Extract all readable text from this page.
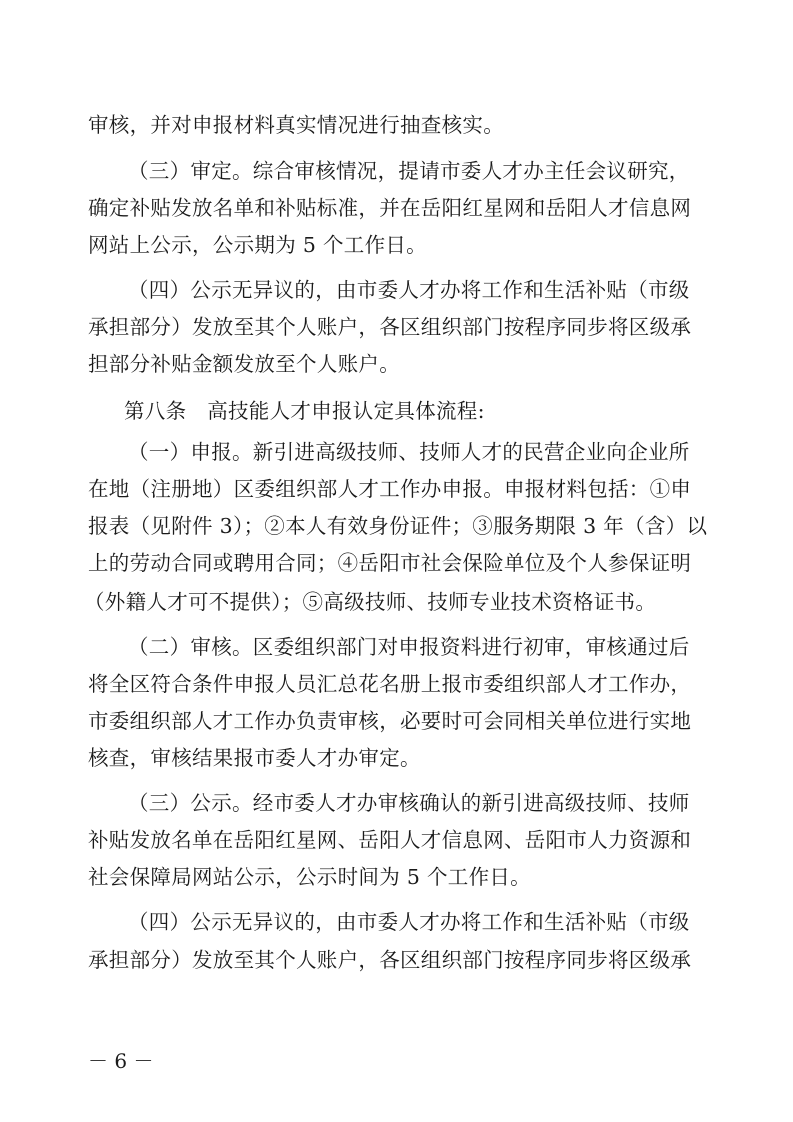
审核，并对申报材料真实情况进行抽查核实。
（三）审定。综合审核情况，提请市委人才办主任会议研究，
确定补贴发放名单和补贴标准，并在岳阳红星网和岳阳人才信息网
网站上公示，公示期为 5 个工作日。
（四）公示无异议的，由市委人才办将工作和生活补贴（市级
承担部分）发放至其个人账户，各区组织部门按程序同步将区级承
担部分补贴金额发放至个人账户。
第八条　高技能人才申报认定具体流程:
（一）申报。新引进高级技师、技师人才的民营企业向企业所
在地（注册地）区委组织部人才工作办申报。申报材料包括：①申
报表（见附件 3）；②本人有效身份证件；③服务期限 3 年（含）以
上的劳动合同或聘用合同；④岳阳市社会保险单位及个人参保证明
（外籍人才可不提供）；⑤高级技师、技师专业技术资格证书。
（二）审核。区委组织部门对申报资料进行初审，审核通过后
将全区符合条件申报人员汇总花名册上报市委组织部人才工作办，
市委组织部人才工作办负责审核，必要时可会同相关单位进行实地
核查，审核结果报市委人才办审定。
（三）公示。经市委人才办审核确认的新引进高级技师、技师
补贴发放名单在岳阳红星网、岳阳人才信息网、岳阳市人力资源和
社会保障局网站公示，公示时间为 5 个工作日。
（四）公示无异议的，由市委人才办将工作和生活补贴（市级
承担部分）发放至其个人账户，各区组织部门按程序同步将区级承
－ 6 －
